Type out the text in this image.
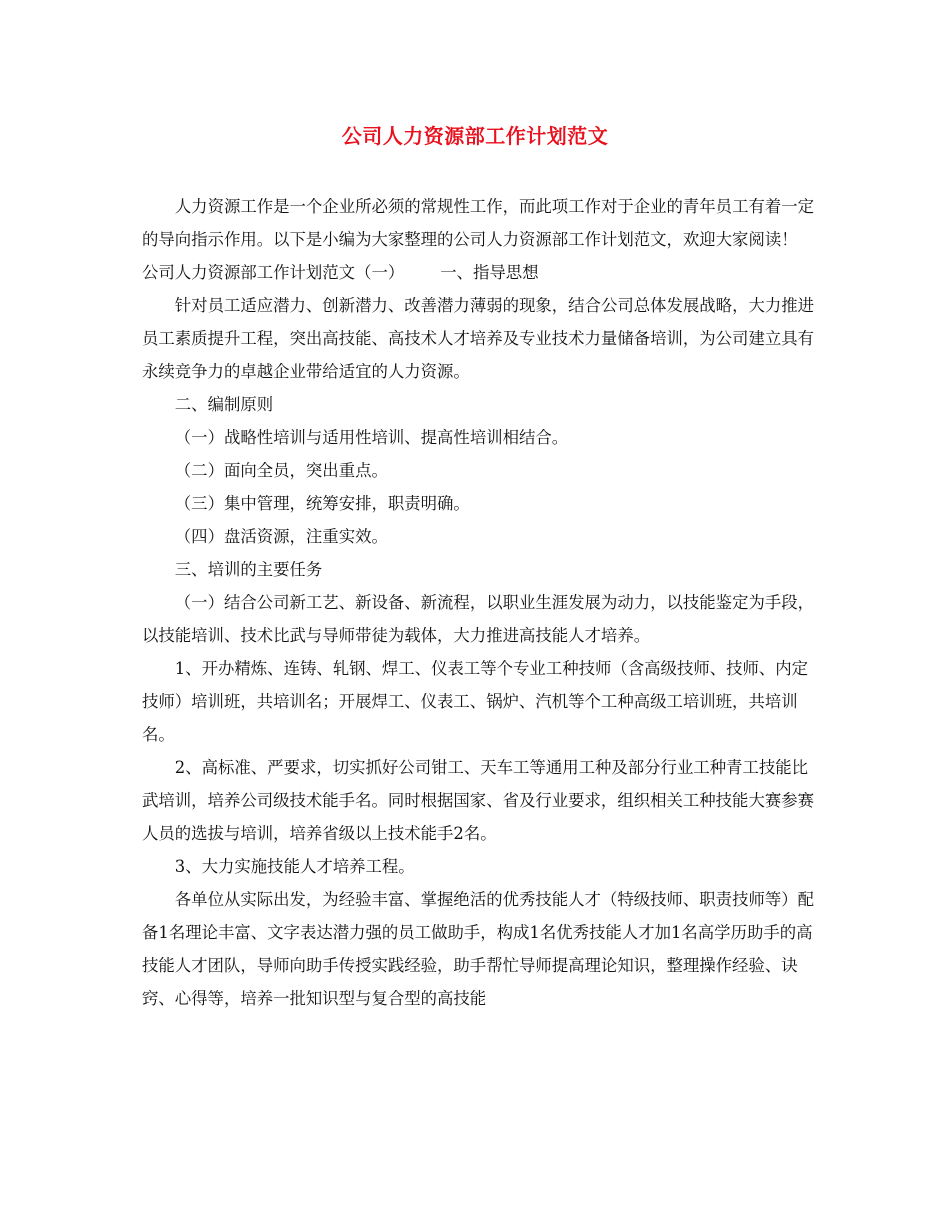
公司人力资源部工作计划范文

人力资源工作是一个企业所必须的常规性工作，而此项工作对于企业的青年员工有着一定的导向指示作用。以下是小编为大家整理的公司人力资源部工作计划范文，欢迎大家阅读！

公司人力资源部工作计划范文（一） 一、指导思想

针对员工适应潜力、创新潜力、改善潜力薄弱的现象，结合公司总体发展战略，大力推进员工素质提升工程，突出高技能、高技术人才培养及专业技术力量储备培训，为公司建立具有永续竞争力的卓越企业带给适宜的人力资源。

二、编制原则

（一）战略性培训与适用性培训、提高性培训相结合。

（二）面向全员，突出重点。

（三）集中管理，统筹安排，职责明确。

（四）盘活资源，注重实效。

三、培训的主要任务

（一）结合公司新工艺、新设备、新流程，以职业生涯发展为动力，以技能鉴定为手段，以技能培训、技术比武与导师带徒为载体，大力推进高技能人才培养。

1、开办精炼、连铸、轧钢、焊工、仪表工等个专业工种技师（含高级技师、技师、内定技师）培训班，共培训名；开展焊工、仪表工、锅炉、汽机等个工种高级工培训班，共培训名。

2、高标准、严要求，切实抓好公司钳工、天车工等通用工种及部分行业工种青工技能比武培训，培养公司级技术能手名。同时根据国家、省及行业要求，组织相关工种技能大赛参赛人员的选拔与培训，培养省级以上技术能手2名。

3、大力实施技能人才培养工程。

各单位从实际出发，为经验丰富、掌握绝活的优秀技能人才（特级技师、职责技师等）配备1名理论丰富、文字表达潜力强的员工做助手，构成1名优秀技能人才加1名高学历助手的高技能人才团队，导师向助手传授实践经验，助手帮忙导师提高理论知识，整理操作经验、诀窍、心得等，培养一批知识型与复合型的高技能
